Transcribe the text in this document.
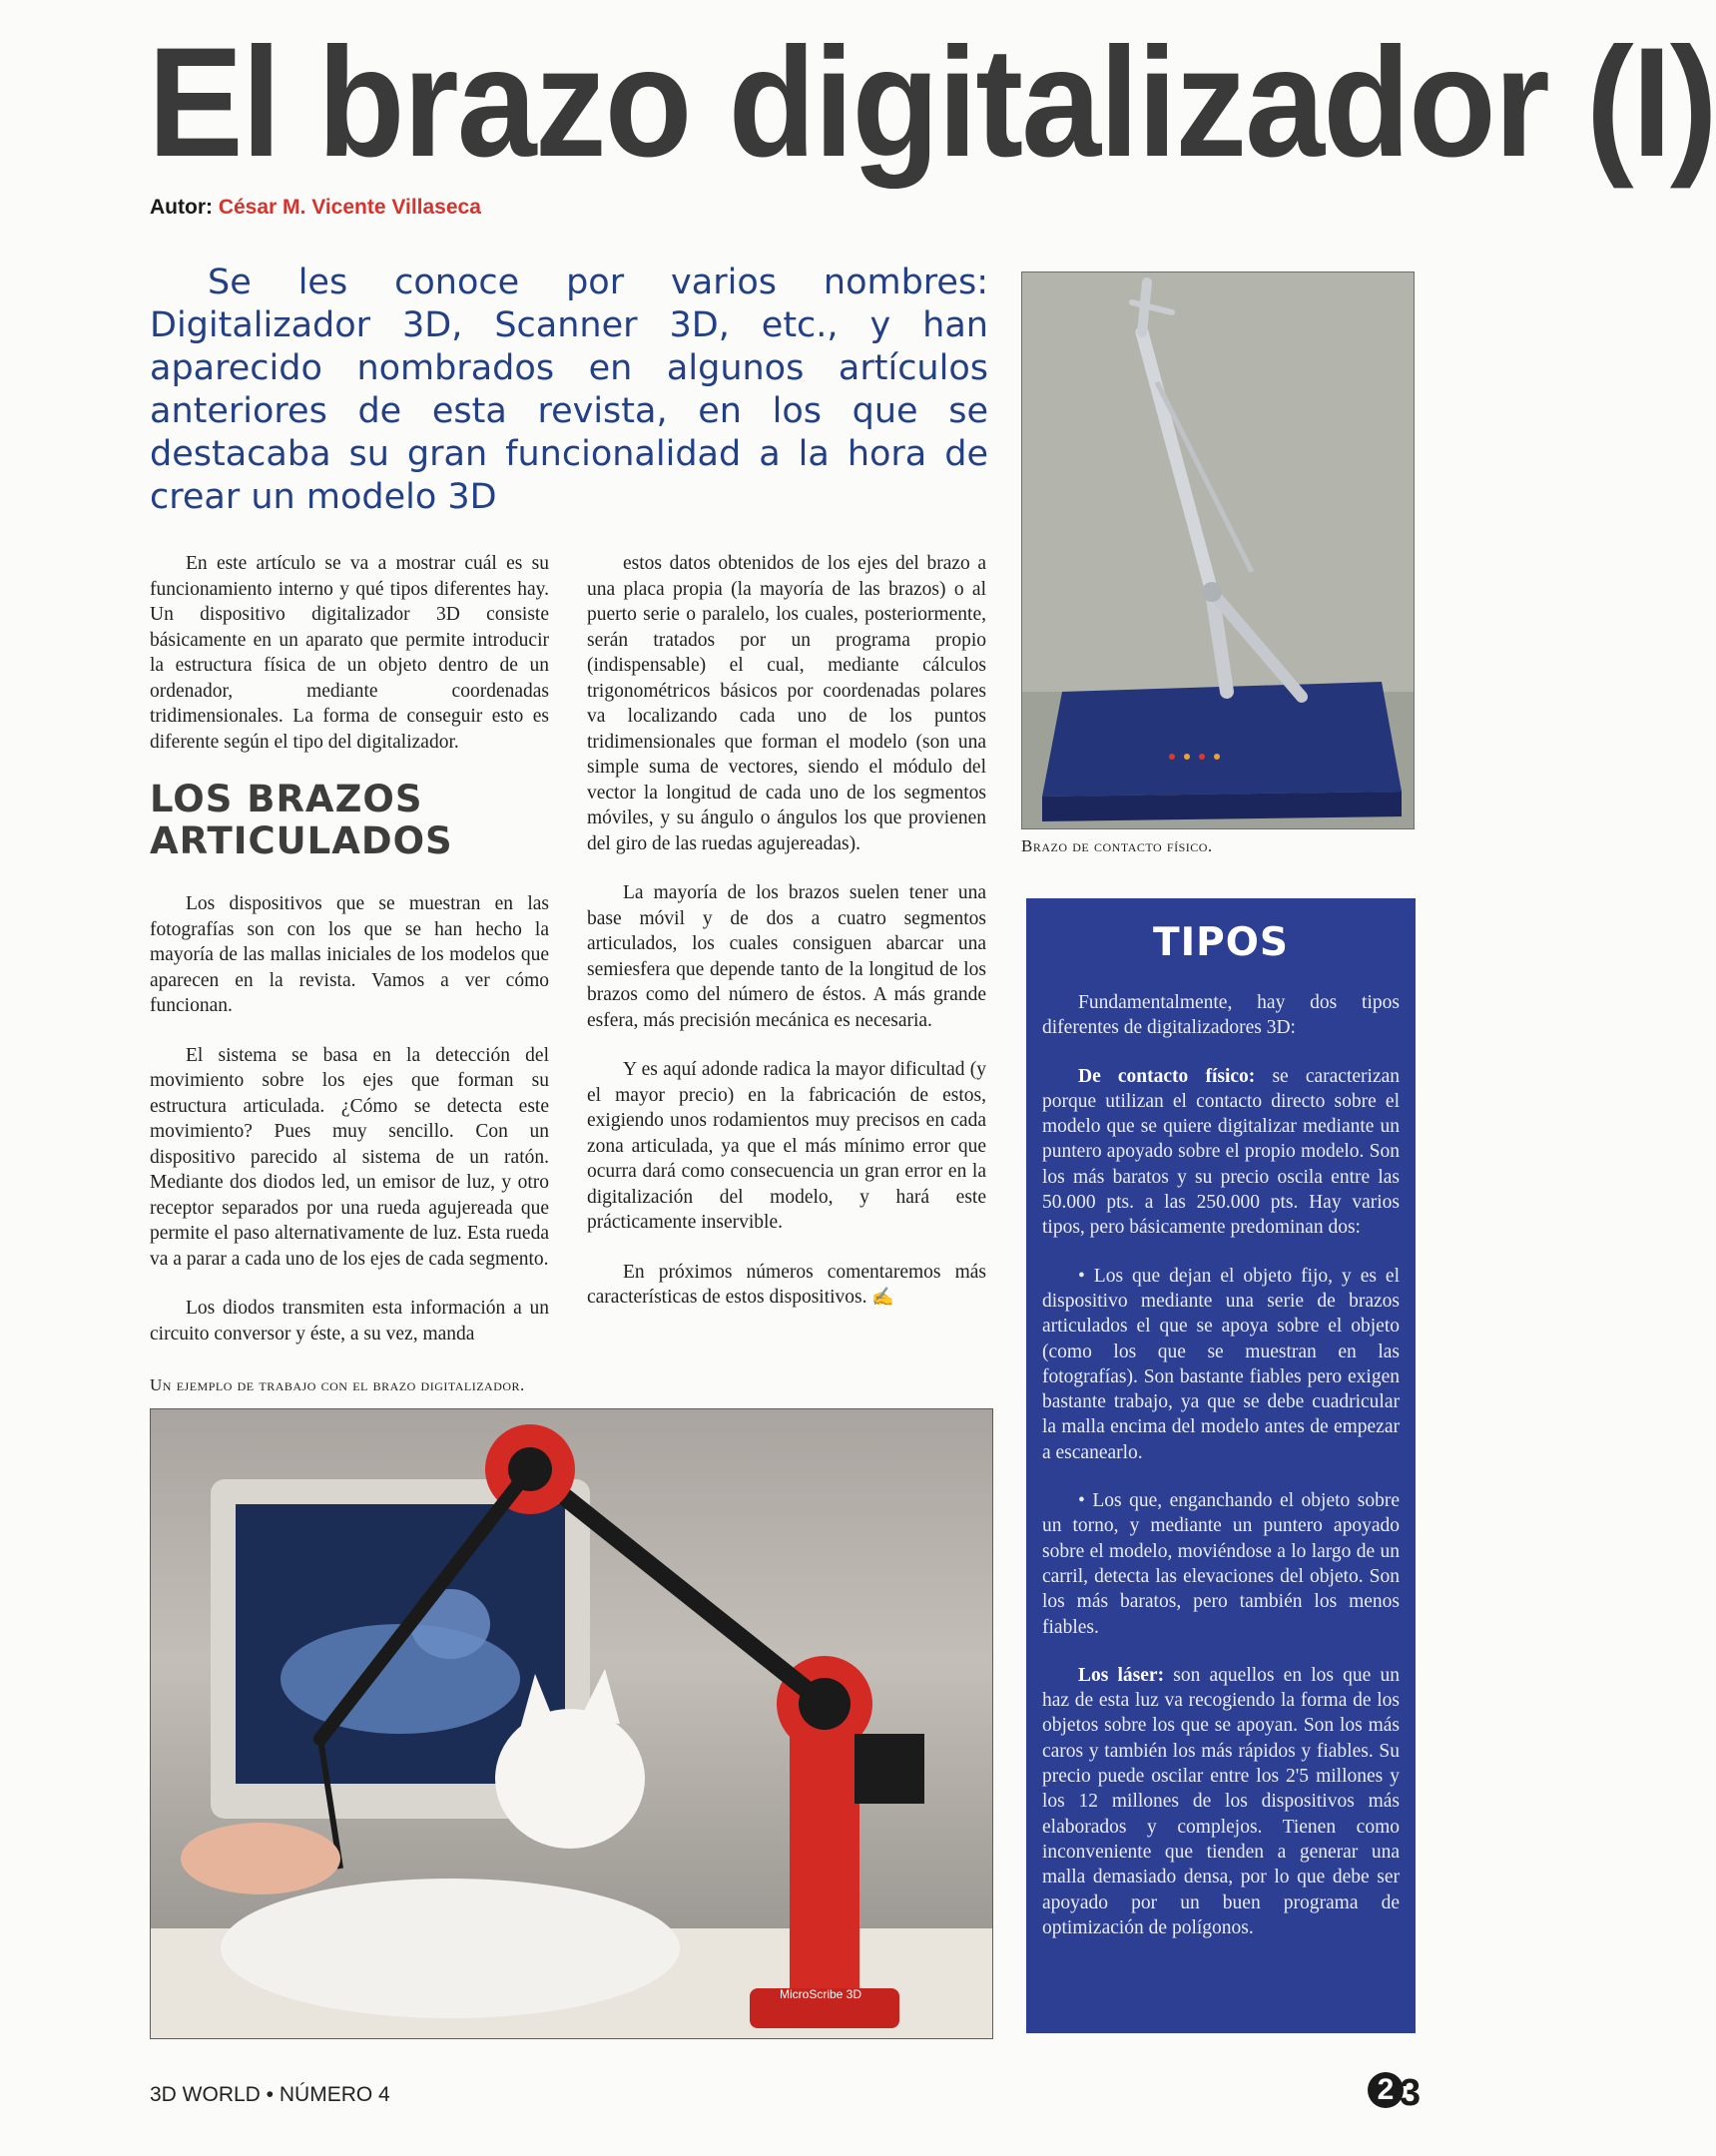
El brazo digitalizador (I)
Autor: César M. Vicente Villaseca
Se les conoce por varios nombres: Digitalizador 3D, Scanner 3D, etc., y han aparecido nombrados en algunos artículos anteriores de esta revista, en los que se destacaba su gran funcionalidad a la hora de crear un modelo 3D

En este artículo se va a mostrar cuál es su funcionamiento interno y qué tipos diferentes hay. Un dispositivo digitalizador 3D consiste básicamente en un aparato que permite introducir la estructura física de un objeto dentro de un ordenador, mediante coordenadas tridimensionales. La forma de conseguir esto es diferente según el tipo del digitalizador.

LOS BRAZOS
ARTICULADOS

Los dispositivos que se muestran en las fotografías son con los que se han hecho la mayoría de las mallas iniciales de los modelos que aparecen en la revista. Vamos a ver cómo funcionan.

El sistema se basa en la detección del movimiento sobre los ejes que forman su estructura articulada. ¿Cómo se detecta este movimiento? Pues muy sencillo. Con un dispositivo parecido al sistema de un ratón. Mediante dos diodos led, un emisor de luz, y otro receptor separados por una rueda agujereada que permite el paso alternativamente de luz. Esta rueda va a parar a cada uno de los ejes de cada segmento.

Los diodos transmiten esta información a un circuito conversor y éste, a su vez, manda

estos datos obtenidos de los ejes del brazo a una placa propia (la mayoría de las brazos) o al puerto serie o paralelo, los cuales, posteriormente, serán tratados por un programa propio (indispensable) el cual, mediante cálculos trigonométricos básicos por coordenadas polares va localizando cada uno de los puntos tridimensionales que forman el modelo (son una simple suma de vectores, siendo el módulo del vector la longitud de cada uno de los segmentos móviles, y su ángulo o ángulos los que provienen del giro de las ruedas agujereadas).

La mayoría de los brazos suelen tener una base móvil y de dos a cuatro segmentos articulados, los cuales consiguen abarcar una semiesfera que depende tanto de la longitud de los brazos como del número de éstos. A más grande esfera, más precisión mecánica es necesaria.

Y es aquí adonde radica la mayor dificultad (y el mayor precio) en la fabricación de estos, exigiendo unos rodamientos muy precisos en cada zona articulada, ya que el más mínimo error que ocurra dará como consecuencia un gran error en la digitalización del modelo, y hará este prácticamente inservible.

En próximos números comentaremos más características de estos dispositivos. ✍

Brazo de contacto físico.
Un ejemplo de trabajo con el brazo digitalizador.
MicroScribe 3D
TIPOS

Fundamentalmente, hay dos tipos diferentes de digitalizadores 3D:

De contacto físico: se caracterizan porque utilizan el contacto directo sobre el modelo que se quiere digitalizar mediante un puntero apoyado sobre el propio modelo. Son los más baratos y su precio oscila entre las 50.000 pts. a las 250.000 pts. Hay varios tipos, pero básicamente predominan dos:

• Los que dejan el objeto fijo, y es el dispositivo mediante una serie de brazos articulados el que se apoya sobre el objeto (como los que se muestran en las fotografías). Son bastante fiables pero exigen bastante trabajo, ya que se debe cuadricular la malla encima del modelo antes de empezar a escanearlo.

• Los que, enganchando el objeto sobre un torno, y mediante un puntero apoyado sobre el modelo, moviéndose a lo largo de un carril, detecta las elevaciones del objeto. Son los más baratos, pero también los menos fiables.

Los láser: son aquellos en los que un haz de esta luz va recogiendo la forma de los objetos sobre los que se apoyan. Son los más caros y también los más rápidos y fiables. Su precio puede oscilar entre los 2'5 millones y los 12 millones de los dispositivos más elaborados y complejos. Tienen como inconveniente que tienden a generar una malla demasiado densa, por lo que debe ser apoyado por un buen programa de optimización de polígonos.

3D WORLD • NÚMERO 4	2 3
